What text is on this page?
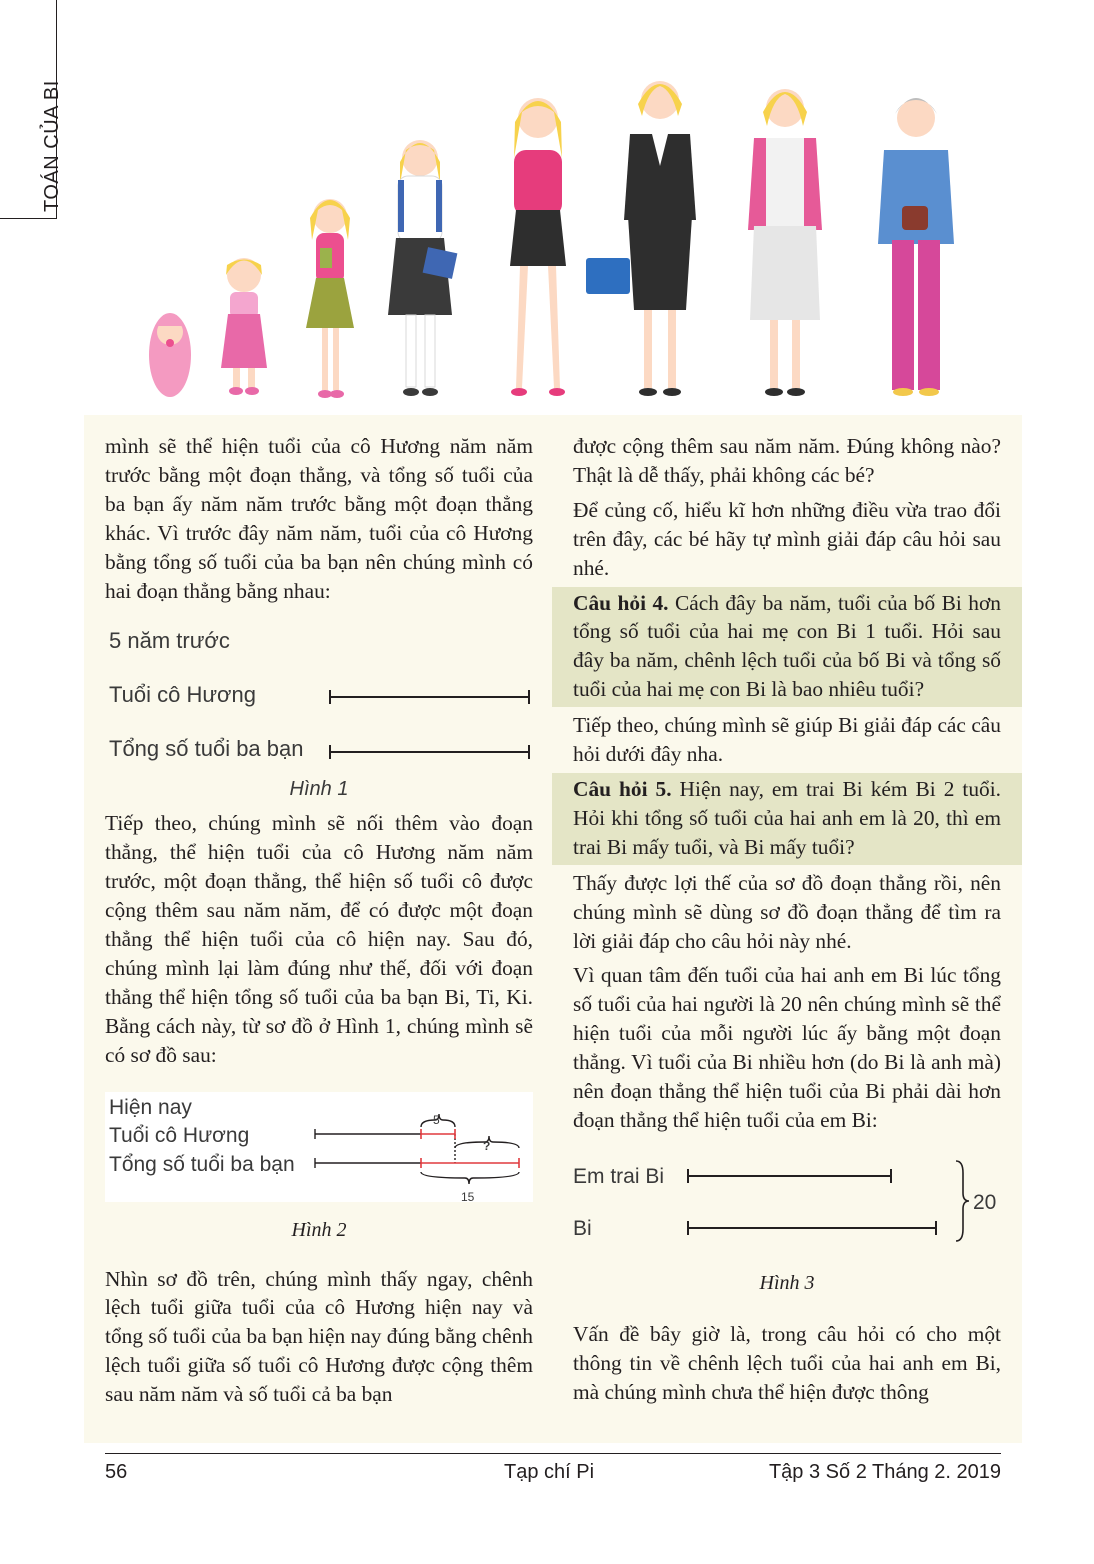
TOÁN CỦA BI

mình sẽ thể hiện tuổi của cô Hương năm năm trước bằng một đoạn thẳng, và tổng số tuổi của ba bạn ấy năm năm trước bằng một đoạn thẳng khác. Vì trước đây năm năm, tuổi của cô Hương bằng tổng số tuổi của ba bạn nên chúng mình có hai đoạn thẳng bằng nhau:

5 năm trước
Tuổi cô Hương
Tổng số tuổi ba bạn
Hình 1

Tiếp theo, chúng mình sẽ nối thêm vào đoạn thẳng, thể hiện tuổi của cô Hương năm năm trước, một đoạn thẳng, thể hiện số tuổi cô được cộng thêm sau năm năm, để có được một đoạn thẳng thể hiện tuổi của cô hiện nay. Sau đó, chúng mình lại làm đúng như thế, đối với đoạn thẳng thể hiện tổng số tuổi của ba bạn Bi, Ti, Ki. Bằng cách này, từ sơ đồ ở Hình 1, chúng mình sẽ có sơ đồ sau:

Hiện nay
Tuổi cô Hương
Tổng số tuổi ba bạn
5
?
15
Hình 2

Nhìn sơ đồ trên, chúng mình thấy ngay, chênh lệch tuổi giữa tuổi của cô Hương hiện nay và tổng số tuổi của ba bạn hiện nay đúng bằng chênh lệch tuổi giữa số tuổi cô Hương được cộng thêm sau năm năm và số tuổi cả ba bạn

được cộng thêm sau năm năm. Đúng không nào? Thật là dễ thấy, phải không các bé?

Để củng cố, hiểu kĩ hơn những điều vừa trao đổi trên đây, các bé hãy tự mình giải đáp câu hỏi sau nhé.

Câu hỏi 4. Cách đây ba năm, tuổi của bố Bi hơn tổng số tuổi của hai mẹ con Bi 1 tuổi. Hỏi sau đây ba năm, chênh lệch tuổi của bố Bi và tổng số tuổi của hai mẹ con Bi là bao nhiêu tuổi?

Tiếp theo, chúng mình sẽ giúp Bi giải đáp các câu hỏi dưới đây nha.

Câu hỏi 5. Hiện nay, em trai Bi kém Bi 2 tuổi. Hỏi khi tổng số tuổi của hai anh em là 20, thì em trai Bi mấy tuổi, và Bi mấy tuổi?

Thấy được lợi thế của sơ đồ đoạn thẳng rồi, nên chúng mình sẽ dùng sơ đồ đoạn thẳng để tìm ra lời giải đáp cho câu hỏi này nhé.

Vì quan tâm đến tuổi của hai anh em Bi lúc tổng số tuổi của hai người là 20 nên chúng mình sẽ thể hiện tuổi của mỗi người lúc ấy bằng một đoạn thẳng. Vì tuổi của Bi nhiều hơn (do Bi là anh mà) nên đoạn thẳng thể hiện tuổi của Bi phải dài hơn đoạn thẳng thể hiện tuổi của em Bi:

Em trai Bi
Bi
20
Hình 3

Vấn đề bây giờ là, trong câu hỏi có cho một thông tin về chênh lệch tuổi của hai anh em Bi, mà chúng mình chưa thể hiện được thông

56	Tạp chí Pi	Tập 3 Số 2 Tháng 2. 2019
